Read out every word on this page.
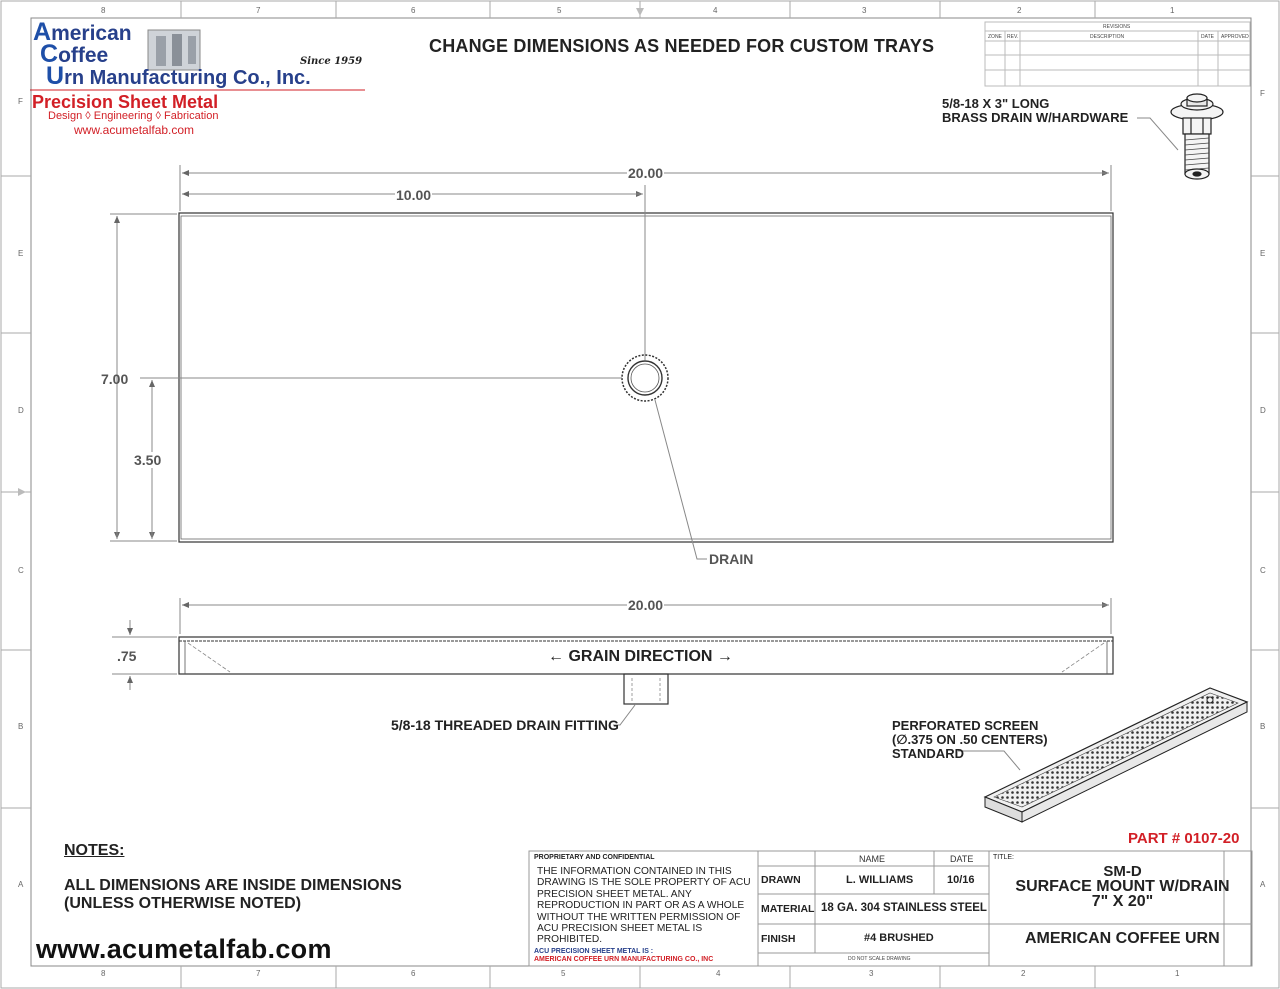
CHANGE DIMENSIONS AS NEEDED FOR CUSTOM TRAYS
American
Coffee
Urn Manufacturing Co., Inc.
Since 1959
Precision Sheet Metal
Design ◊ Engineering ◊ Fabrication
www.acumetalfab.com
5/8-18 X 3" LONG
BRASS DRAIN W/HARDWARE
DRAIN
← GRAIN DIRECTION →
5/8-18 THREADED DRAIN FITTING	PERFORATED SCREEN
(∅.375 ON .50 CENTERS)
STANDARD
20.00
10.00
7.00
3.50
20.00
.75
NOTES:
ALL DIMENSIONS ARE INSIDE DIMENSIONS
(UNLESS OTHERWISE NOTED)
www.acumetalfab.com
PART # 0107-20
PROPRIETARY AND CONFIDENTIAL
THE INFORMATION CONTAINED IN THIS DRAWING IS THE SOLE PROPERTY OF ACU PRECISION SHEET METAL. ANY REPRODUCTION IN PART OR AS A WHOLE WITHOUT THE WRITTEN PERMISSION OF ACU PRECISION SHEET METAL IS PROHIBITED.
ACU PRECISION SHEET METAL IS :
AMERICAN COFFEE URN MANUFACTURING CO., INC
NAME	DATE	TITLE:
DRAWN	L. WILLIAMS	10/16
MATERIAL 18 GA. 304 STAINLESS STEEL
FINISH	#4 BRUSHED
DO NOT SCALE DRAWING
SM-D
SURFACE MOUNT W/DRAIN
7" X 20"
AMERICAN COFFEE URN
REVISIONS
ZONE REV.	DESCRIPTION	DATE APPROVED
8	7	6	5	4	3	2	1
8	7	6	5	4	3	2	1
F
E
D
C
B
A
F
E
D
C
B
A
